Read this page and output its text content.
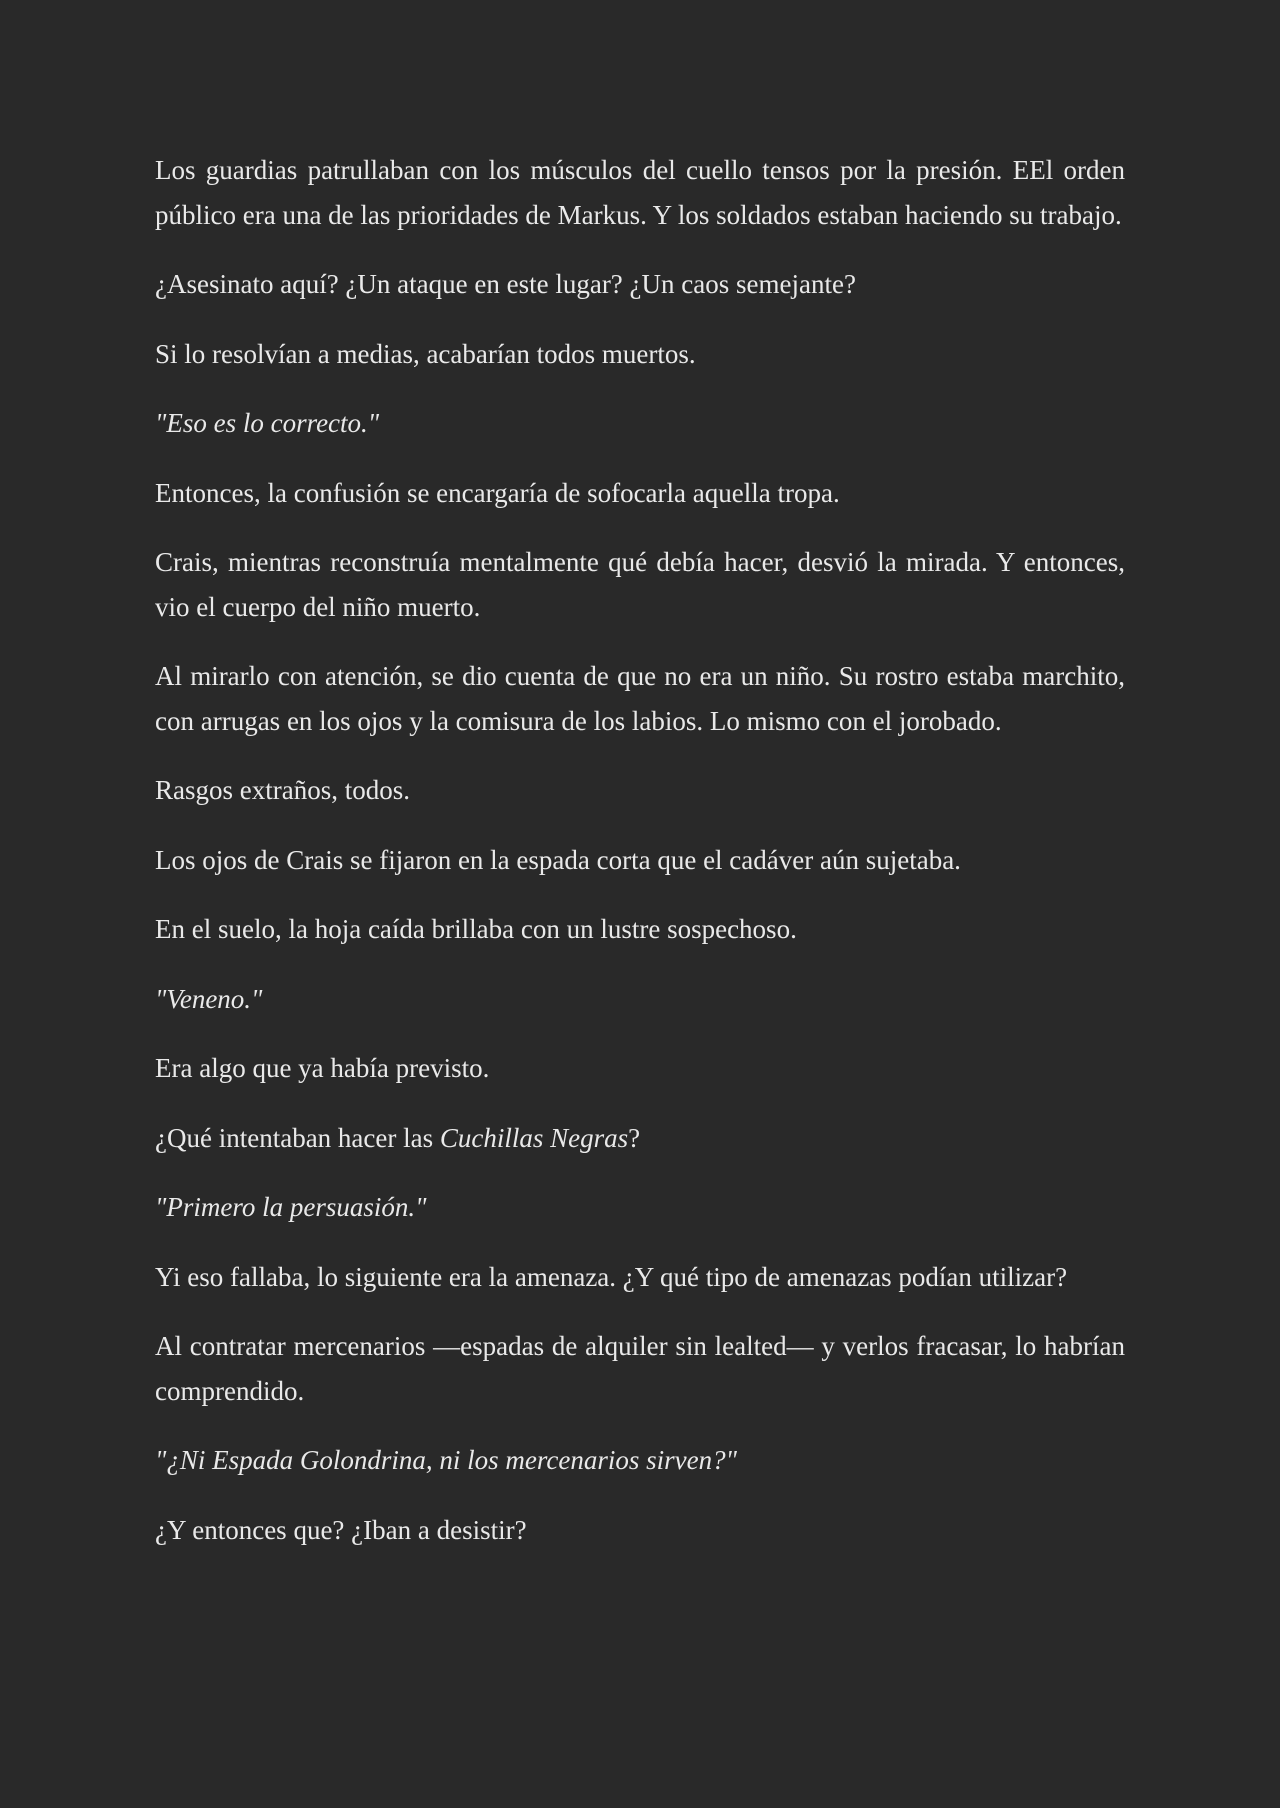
Los guardias patrullaban con los músculos del cuello tensos por la presión. EEl orden público era una de las prioridades de Markus. Y los soldados estaban haciendo su trabajo.

¿Asesinato aquí? ¿Un ataque en este lugar? ¿Un caos semejante?

Si lo resolvían a medias, acabarían todos muertos.

"Eso es lo correcto."

Entonces, la confusión se encargaría de sofocarla aquella tropa.

Crais, mientras reconstruía mentalmente qué debía hacer, desvió la mirada. Y entonces, vio el cuerpo del niño muerto.

Al mirarlo con atención, se dio cuenta de que no era un niño. Su rostro estaba marchito, con arrugas en los ojos y la comisura de los labios. Lo mismo con el jorobado.

Rasgos extraños, todos.

Los ojos de Crais se fijaron en la espada corta que el cadáver aún sujetaba.

En el suelo, la hoja caída brillaba con un lustre sospechoso.

"Veneno."

Era algo que ya había previsto.

¿Qué intentaban hacer las Cuchillas Negras?

"Primero la persuasión."

Yi eso fallaba, lo siguiente era la amenaza. ¿Y qué tipo de amenazas podían utilizar?

Al contratar mercenarios —espadas de alquiler sin lealted— y verlos fracasar, lo habrían comprendido.

"¿Ni Espada Golondrina, ni los mercenarios sirven?"

¿Y entonces que? ¿Iban a desistir?
